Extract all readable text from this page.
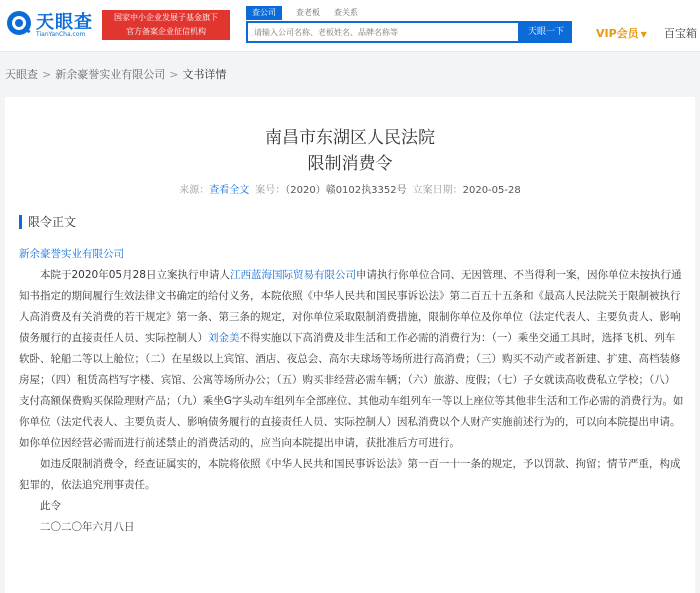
天眼查
TianYanCha.com
国家中小企业发展子基金旗下
官方备案企业征信机构
查公司	查老板	查关系
请输入公司名称、老板姓名、品牌名称等
天眼一下	VIP会员 ▼ 百宝箱
天眼查 > 新余豪誉实业有限公司 > 文书详情
南昌市东湖区人民法院
限制消费令
来源：查看全文 案号：（2020）赣0102执3352号 立案日期：2020-05-28
限令正文

新余豪誉实业有限公司

本院于2020年05月28日立案执行申请人江西蓝海国际贸易有限公司申请执行你单位合同、无因管理、不当得利一案，因你单位未按执行通知书指定的期间履行生效法律文书确定的给付义务，本院依照《中华人民共和国民事诉讼法》第二百五十五条和《最高人民法院关于限制被执行人高消费及有关消费的若干规定》第一条、第三条的规定，对你单位采取限制消费措施，限制你单位及你单位（法定代表人、主要负责人、影响债务履行的直接责任人员、实际控制人）刘金美不得实施以下高消费及非生活和工作必需的消费行为：（一）乘坐交通工具时，选择飞机、列车软卧、轮船二等以上舱位；（二）在星级以上宾馆、酒店、夜总会、高尔夫球场等场所进行高消费；（三）购买不动产或者新建、扩建、高档装修房屋；（四）租赁高档写字楼、宾馆、公寓等场所办公；（五）购买非经营必需车辆；（六）旅游、度假；（七）子女就读高收费私立学校；（八）支付高额保费购买保险理财产品；（九）乘坐G字头动车组列车全部座位、其他动车组列车一等以上座位等其他非生活和工作必需的消费行为。如你单位（法定代表人、主要负责人、影响债务履行的直接责任人员、实际控制人）因私消费以个人财产实施前述行为的，可以向本院提出申请。如你单位因经营必需而进行前述禁止的消费活动的，应当向本院提出申请，获批准后方可进行。

如违反限制消费令，经查证属实的，本院将依照《中华人民共和国民事诉讼法》第一百一十一条的规定，予以罚款、拘留；情节严重，构成犯罪的，依法追究刑事责任。

此令

二〇二〇年六月八日
